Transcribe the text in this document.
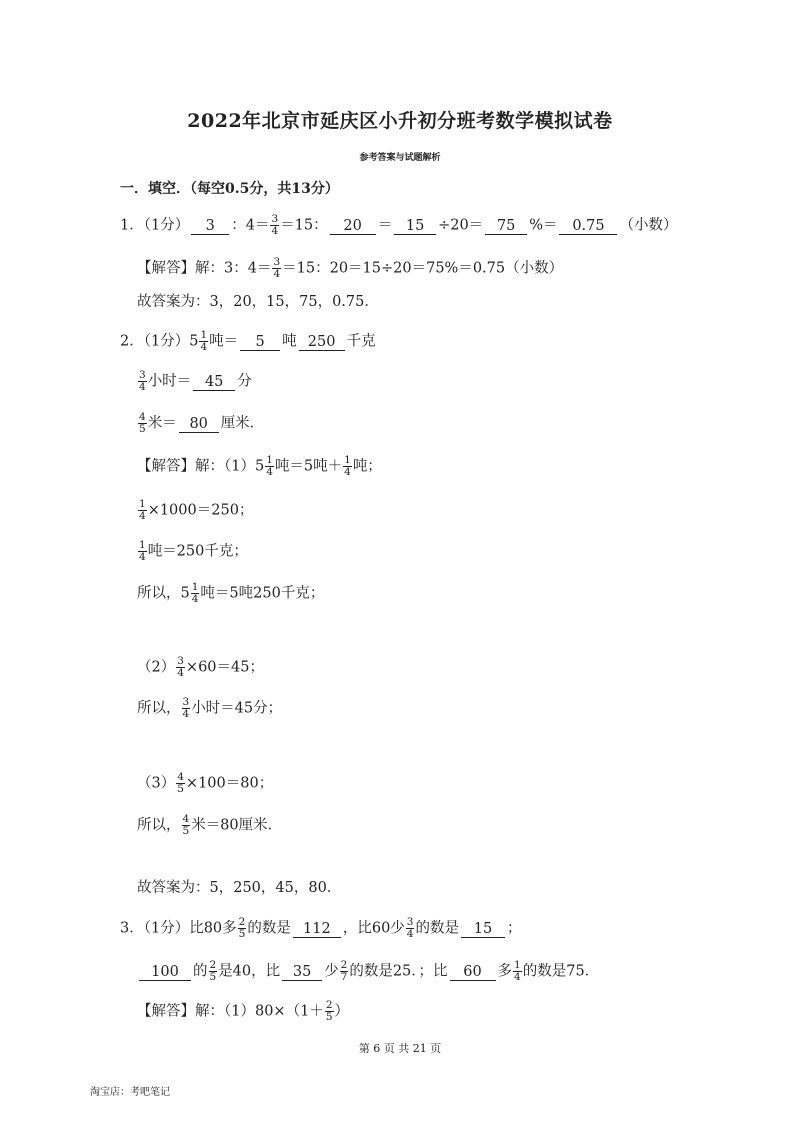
2022年北京市延庆区小升初分班考数学模拟试卷
参考答案与试题解析
一．填空．（每空0.5分，共13分）
1．（1分） 3 ：$4= \frac{3}{4} =15$： 20 ＝ 15 ÷20＝ 75 %＝ 0.75 （小数）
【解答】解：3：$4= \frac{3}{4} =15$：20＝15÷20＝75%＝0.75（小数）
故答案为：3，20，15，75，0.75．
2．（1分）$5 \frac{1}{4}$ 吨＝ 5 吨 250 千克
$\frac{3}{4}$ 小时＝ 45 分
$\frac{4}{5}$ 米＝ 80 厘米．
【解答】解：$(1)5 \frac{1}{4}$ 吨＝5吨＋ $\frac{1}{4}$ 吨；
$\frac{1}{4} \times 1000=250$；
$\frac{1}{4}$ 吨＝250千克；
所以，$5 \frac{1}{4}$ 吨＝5吨250千克；
$(2) \frac{3}{4} \times 60=45$；
所以， $\frac{3}{4}$ 小时＝45分；
$(3) \frac{4}{5} \times 100=80$；
所以， $\frac{4}{5}$ 米＝80厘米．
故答案为：5，250，45，80．
3．（1分）比80多 $\frac{2}{5}$ 的数是 112 ，比60少 $\frac{3}{4}$ 的数是 15 ；
100 的 $\frac{2}{5}$ 是40，比 35 少 $\frac{2}{7}$ 的数是25．；比 60 多 $\frac{1}{4}$ 的数是75．
【解答】解：$(1)80\times(1+ \frac{2}{5}$ ）
第 6 页 共 21 页
淘宝店：考吧笔记
